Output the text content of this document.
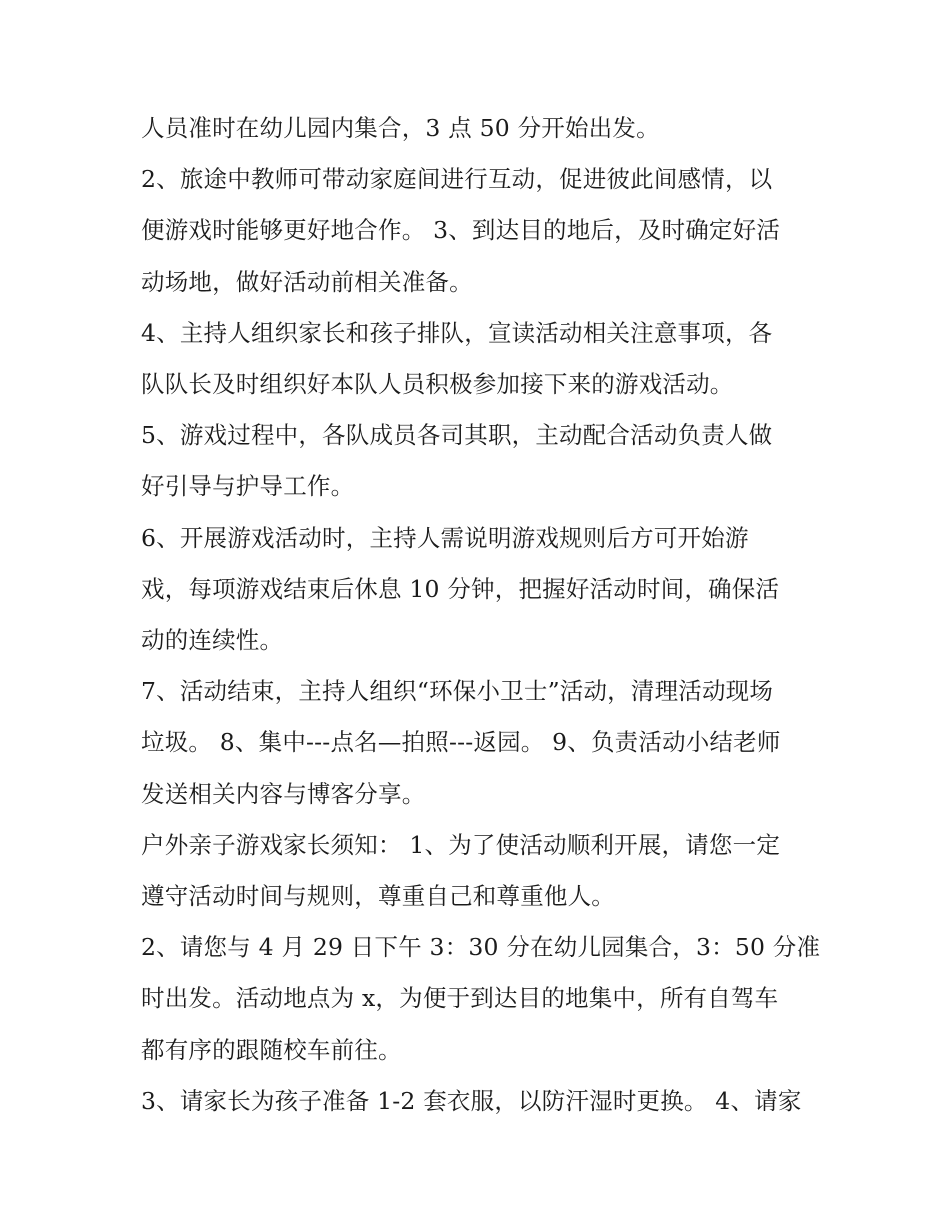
人员准时在幼儿园内集合，3 点 50 分开始出发。

2、旅途中教师可带动家庭间进行互动，促进彼此间感情，以

便游戏时能够更好地合作。 3、到达目的地后，及时确定好活

动场地，做好活动前相关准备。

4、主持人组织家长和孩子排队，宣读活动相关注意事项，各

队队长及时组织好本队人员积极参加接下来的游戏活动。

5、游戏过程中，各队成员各司其职，主动配合活动负责人做

好引导与护导工作。

6、开展游戏活动时，主持人需说明游戏规则后方可开始游

戏，每项游戏结束后休息 10 分钟，把握好活动时间，确保活

动的连续性。

7、活动结束，主持人组织“环保小卫士”活动，清理活动现场

垃圾。 8、集中---点名—拍照---返园。 9、负责活动小结老师

发送相关内容与博客分享。

户外亲子游戏家长须知： 1、为了使活动顺利开展，请您一定

遵守活动时间与规则，尊重自己和尊重他人。

2、请您与 4 月 29 日下午 3：30 分在幼儿园集合，3：50 分准

时出发。活动地点为 x，为便于到达目的地集中，所有自驾车

都有序的跟随校车前往。

3、请家长为孩子准备 1-2 套衣服，以防汗湿时更换。 4、请家
